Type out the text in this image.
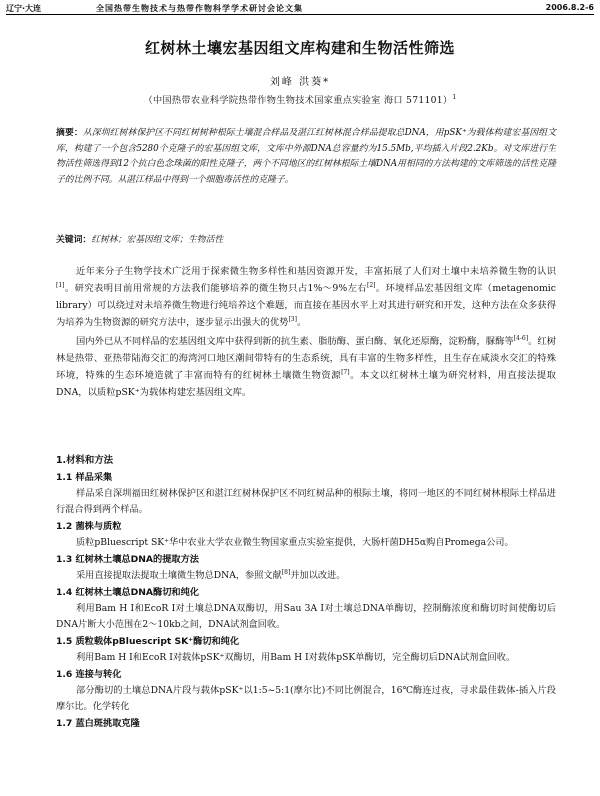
辽宁·大连	全国热带生物技术与热带作物科学学术研讨会论文集	2006.8.2-6
红树林土壤宏基因组文库构建和生物活性筛选
刘峰 洪葵*
（中国热带农业科学院热带作物生物技术国家重点实验室 海口 571101）$^1$
摘要：从深圳红树林保护区不同红树树种根际土壤混合样品及湛江红树林混合样品提取总DNA，用pSK⁺为载体构建宏基因组文库，构建了一个包含5280个克隆子的宏基因组文库，文库中外源DNA总容量约为15.5Mb,平均插入片段2.2Kb。对文库进行生物活性筛选得到12个抗白色念珠菌的阳性克隆子，两个不同地区的红树林根际土壤DNA用相同的方法构建的文库筛选的活性克隆子的比例不同。从湛江样品中得到一个细胞毒活性的克隆子。
关键词：红树林；宏基因组文库；生物活性

近年来分子生物学技术广泛用于探索微生物多样性和基因资源开发，丰富拓展了人们对土壤中未培养微生物的认识[1]。研究表明目前用常规的方法我们能够培养的微生物只占1%～9%左右[2]。环境样品宏基因组文库（metagenomic library）可以绕过对未培养微生物进行纯培养这个难题，而直接在基因水平上对其进行研究和开发，这种方法在众多获得为培养为生物资源的研究方法中，逐步显示出强大的优势[3]。

国内外已从不同样品的宏基因组文库中获得到新的抗生素、脂肪酶、蛋白酶、氧化还原酶，淀粉酶，脲酶等[4-6]。红树林是热带、亚热带陆海交汇的海湾河口地区潮间带特有的生态系统，具有丰富的生物多样性，且生存在咸淡水交汇的特殊环境，特殊的生态环境造就了丰富而特有的红树林土壤微生物资源[7]。本文以红树林土壤为研究材料，用直接法提取DNA，以质粒pSK⁺为载体构建宏基因组文库。

1.材料和方法

1.1 样品采集

样品采自深圳福田红树林保护区和湛江红树林保护区不同红树品种的根际土壤，将同一地区的不同红树林根际土样品进行混合得到两个样品。

1.2 菌株与质粒

质粒pBluescript SK⁺华中农业大学农业微生物国家重点实验室提供，大肠杆菌DH5α购自Promega公司。

1.3 红树林土壤总DNA的提取方法

采用直接提取法提取土壤微生物总DNA，参照文献[8]并加以改进。

1.4 红树林土壤总DNA酶切和纯化

利用Bam H I和EcoR I对土壤总DNA双酶切，用Sau 3A I对土壤总DNA单酶切，控制酶浓度和酶切时间使酶切后DNA片断大小范围在2～10kb之间，DNA试剂盒回收。

1.5 质粒载体pBluescript SK⁺酶切和纯化

利用Bam H I和EcoR I对载体pSK⁺双酶切，用Bam H I对载体pSK单酶切，完全酶切后DNA试剂盒回收。

1.6 连接与转化

部分酶切的土壤总DNA片段与载体pSK⁺以1:5~5:1(摩尔比)不同比例混合，16℃酶连过夜，寻求最佳载体-插入片段摩尔比。化学转化

1.7 蓝白斑挑取克隆
